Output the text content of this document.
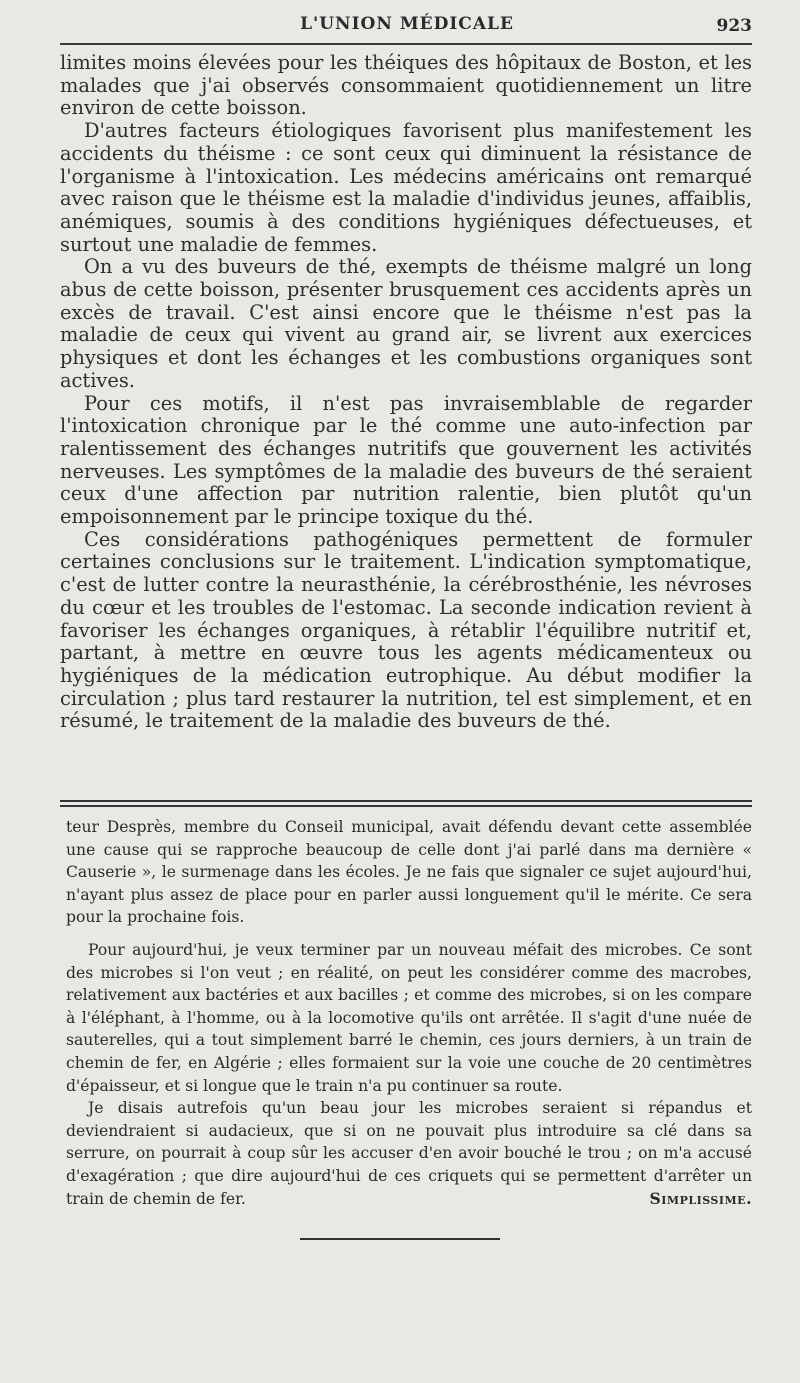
L'UNION MÉDICALE	923

limites moins élevées pour les théiques des hôpitaux de Boston, et les malades que j'ai observés consommaient quotidiennement un litre environ de cette boisson.

D'autres facteurs étiologiques favorisent plus manifestement les accidents du théisme : ce sont ceux qui diminuent la résistance de l'organisme à l'intoxication. Les médecins américains ont remarqué avec raison que le théisme est la maladie d'individus jeunes, affaiblis, anémiques, soumis à des conditions hygiéniques défectueuses, et surtout une maladie de femmes.

On a vu des buveurs de thé, exempts de théisme malgré un long abus de cette boisson, présenter brusquement ces accidents après un excès de travail. C'est ainsi encore que le théisme n'est pas la maladie de ceux qui vivent au grand air, se livrent aux exercices physiques et dont les échanges et les combustions organiques sont actives.

Pour ces motifs, il n'est pas invraisemblable de regarder l'intoxication chronique par le thé comme une auto-infection par ralentissement des échanges nutritifs que gouvernent les activités nerveuses. Les symptômes de la maladie des buveurs de thé seraient ceux d'une affection par nutrition ralentie, bien plutôt qu'un empoisonnement par le principe toxique du thé.

Ces considérations pathogéniques permettent de formuler certaines conclusions sur le traitement. L'indication symptomatique, c'est de lutter contre la neurasthénie, la cérébrosthénie, les névroses du cœur et les troubles de l'estomac. La seconde indication revient à favoriser les échanges organiques, à rétablir l'équilibre nutritif et, partant, à mettre en œuvre tous les agents médicamenteux ou hygiéniques de la médication eutrophique. Au début modifier la circulation ; plus tard restaurer la nutrition, tel est simplement, et en résumé, le traitement de la maladie des buveurs de thé.

teur Desprès, membre du Conseil municipal, avait défendu devant cette assemblée une cause qui se rapproche beaucoup de celle dont j'ai parlé dans ma dernière « Causerie », le surmenage dans les écoles. Je ne fais que signaler ce sujet aujourd'hui, n'ayant plus assez de place pour en parler aussi longuement qu'il le mérite. Ce sera pour la prochaine fois.

Pour aujourd'hui, je veux terminer par un nouveau méfait des microbes. Ce sont des microbes si l'on veut ; en réalité, on peut les considérer comme des macrobes, relativement aux bactéries et aux bacilles ; et comme des microbes, si on les compare à l'éléphant, à l'homme, ou à la locomotive qu'ils ont arrêtée. Il s'agit d'une nuée de sauterelles, qui a tout simplement barré le chemin, ces jours derniers, à un train de chemin de fer, en Algérie ; elles formaient sur la voie une couche de 20 centimètres d'épaisseur, et si longue que le train n'a pu continuer sa route.

Je disais autrefois qu'un beau jour les microbes seraient si répandus et deviendraient si audacieux, que si on ne pouvait plus introduire sa clé dans sa serrure, on pourrait à coup sûr les accuser d'en avoir bouché le trou ; on m'a accusé d'exagération ; que dire aujourd'hui de ces criquets qui se permettent d'arrêter un train de chemin de fer.	Simplissime.
